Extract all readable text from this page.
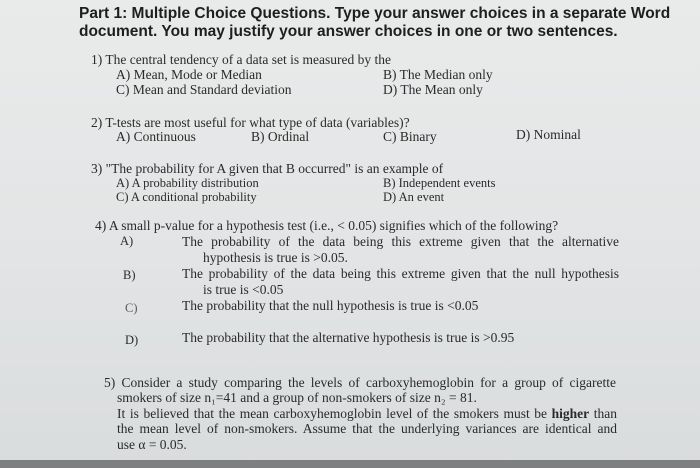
Part 1: Multiple Choice Questions. Type your answer choices in a separate Word
document. You may justify your answer choices in one or two sentences.
1) The central tendency of a data set is measured by the
A) Mean, Mode or Median	B) The Median only
C) Mean and Standard deviation	D) The Mean only
2) T-tests are most useful for what type of data (variables)?
A) Continuous	B) Ordinal	C) Binary	D) Nominal
3) "The probability for A given that B occurred" is an example of
A) A probability distribution	B) Independent events
C) A conditional probability	D) An event
4) A small p-value for a hypothesis test (i.e., < 0.05) signifies which of the following?
A)	The probability of the data being this extreme given that the alternative
hypothesis is true is >0.05.
B)	The probability of the data being this extreme given that the null hypothesis
is true is <0.05
C)	The probability that the null hypothesis is true is <0.05
D)	The probability that the alternative hypothesis is true is >0.95
5) Consider a study comparing the levels of carboxyhemoglobin for a group of cigarette
smokers of size n₁=41 and a group of non-smokers of size n₂ = 81.
It is believed that the mean carboxyhemoglobin level of the smokers must be higher than
the mean level of non-smokers. Assume that the underlying variances are identical and
use α = 0.05.
